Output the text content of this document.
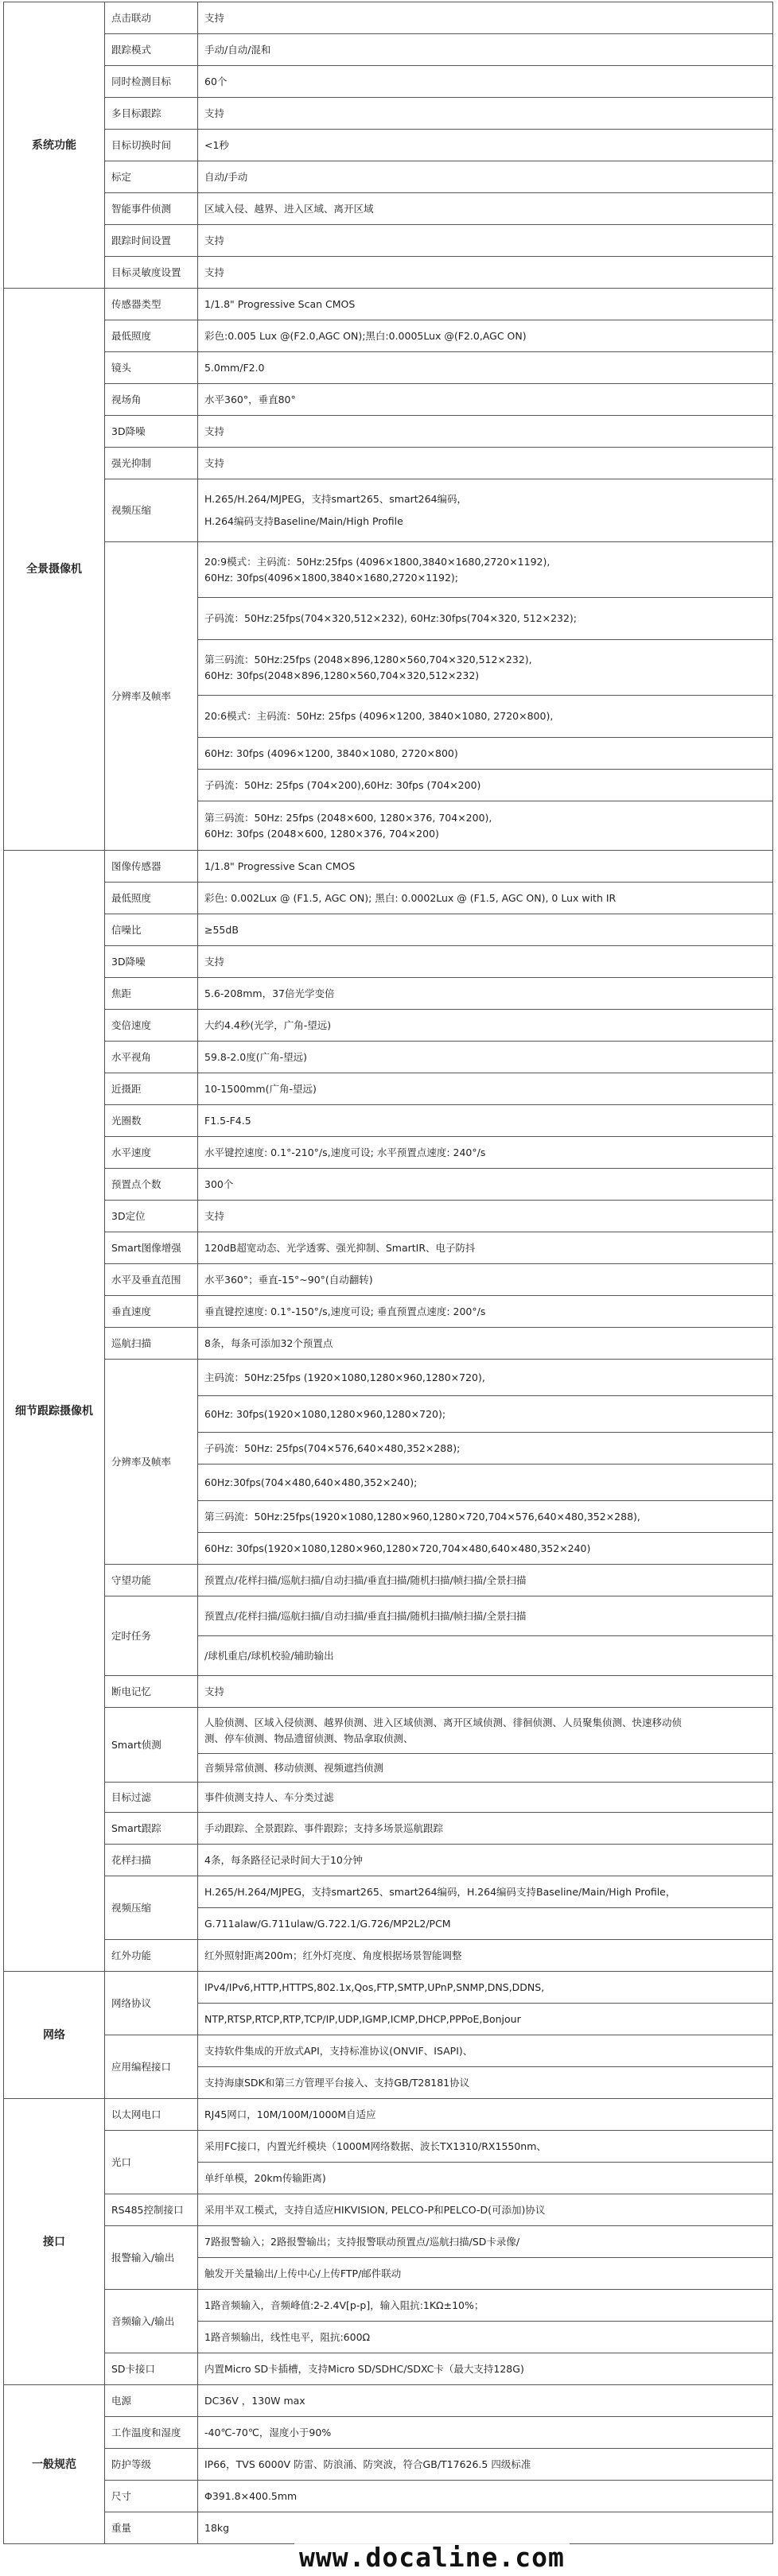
系统功能	点击联动	支持

	跟踪模式	手动/自动/混和

	同时检测目标	60个

	多目标跟踪	支持

	目标切换时间	<1秒

	标定	自动/手动

	智能事件侦测	区域入侵、越界、进入区域、离开区域

	跟踪时间设置	支持

	目标灵敏度设置	支持

全景摄像机	传感器类型	1/1.8" Progressive Scan CMOS

	最低照度	彩色:0.005 Lux @(F2.0,AGC ON);黑白:0.0005Lux @(F2.0,AGC ON)

	镜头	5.0mm/F2.0

	视场角	水平360°，垂直80°

	3D降噪	支持

	强光抑制	支持

	视频压缩	H.265/H.264/MJPEG，支持smart265、smart264编码，
H.264编码支持Baseline/Main/High Profile

	分辨率及帧率	20:9模式：主码流：50Hz:25fps (4096×1800,3840×1680,2720×1192),
60Hz: 30fps(4096×1800,3840×1680,2720×1192);

		子码流：50Hz:25fps(704×320,512×232), 60Hz:30fps(704×320, 512×232);

		第三码流：50Hz:25fps (2048×896,1280×560,704×320,512×232),
60Hz: 30fps(2048×896,1280×560,704×320,512×232)

		20:6模式：主码流：50Hz: 25fps (4096×1200, 3840×1080, 2720×800),

		60Hz: 30fps (4096×1200, 3840×1080, 2720×800)

		子码流：50Hz: 25fps (704×200),60Hz: 30fps (704×200)

		第三码流：50Hz: 25fps (2048×600, 1280×376, 704×200),
60Hz: 30fps (2048×600, 1280×376, 704×200)

细节跟踪摄像机	图像传感器	1/1.8" Progressive Scan CMOS

	最低照度	彩色: 0.002Lux @ (F1.5, AGC ON); 黑白: 0.0002Lux @ (F1.5, AGC ON), 0 Lux with IR

	信噪比	≥55dB

	3D降噪	支持

	焦距	5.6-208mm，37倍光学变倍

	变倍速度	大约4.4秒(光学，广角-望远)

	水平视角	59.8-2.0度(广角-望远)

	近摄距	10-1500mm(广角-望远)

	光圈数	F1.5-F4.5

	水平速度	水平键控速度: 0.1°-210°/s,速度可设; 水平预置点速度: 240°/s

	预置点个数	300个

	3D定位	支持

	Smart图像增强	120dB超宽动态、光学透雾、强光抑制、SmartIR、电子防抖

	水平及垂直范围	水平360°；垂直-15°~90°(自动翻转)

	垂直速度	垂直键控速度: 0.1°-150°/s,速度可设; 垂直预置点速度: 200°/s

	巡航扫描	8条，每条可添加32个预置点

	分辨率及帧率	主码流：50Hz:25fps (1920×1080,1280×960,1280×720),

		60Hz: 30fps(1920×1080,1280×960,1280×720);

		子码流：50Hz: 25fps(704×576,640×480,352×288);

		60Hz:30fps(704×480,640×480,352×240);

		第三码流：50Hz:25fps(1920×1080,1280×960,1280×720,704×576,640×480,352×288),

		60Hz: 30fps(1920×1080,1280×960,1280×720,704×480,640×480,352×240)

	守望功能	预置点/花样扫描/巡航扫描/自动扫描/垂直扫描/随机扫描/帧扫描/全景扫描

	定时任务	预置点/花样扫描/巡航扫描/自动扫描/垂直扫描/随机扫描/帧扫描/全景扫描

		/球机重启/球机校验/辅助输出

	断电记忆	支持

	Smart侦测	人脸侦测、区域入侵侦测、越界侦测、进入区域侦测、离开区域侦测、徘徊侦测、人员聚集侦测、快速移动侦
测、停车侦测、物品遗留侦测、物品拿取侦测、

		音频异常侦测、移动侦测、视频遮挡侦测

	目标过滤	事件侦测支持人、车分类过滤

	Smart跟踪	手动跟踪、全景跟踪、事件跟踪；支持多场景巡航跟踪

	花样扫描	4条，每条路径记录时间大于10分钟

	视频压缩	H.265/H.264/MJPEG，支持smart265、smart264编码，H.264编码支持Baseline/Main/High Profile，

		G.711alaw/G.711ulaw/G.722.1/G.726/MP2L2/PCM

	红外功能	红外照射距离200m；红外灯亮度、角度根据场景智能调整

网络	网络协议	IPv4/IPv6,HTTP,HTTPS,802.1x,Qos,FTP,SMTP,UPnP,SNMP,DNS,DDNS,

		NTP,RTSP,RTCP,RTP,TCP/IP,UDP,IGMP,ICMP,DHCP,PPPoE,Bonjour

	应用编程接口	支持软件集成的开放式API，支持标准协议(ONVIF、ISAPI)、

		支持海康SDK和第三方管理平台接入、支持GB/T28181协议

接口	以太网电口	RJ45网口，10M/100M/1000M自适应

	光口	采用FC接口，内置光纤模块（1000M网络数据、波长TX1310/RX1550nm、

		单纤单模，20km传输距离)

	RS485控制接口	采用半双工模式，支持自适应HIKVISION, PELCO-P和PELCO-D(可添加)协议

	报警输入/输出	7路报警输入；2路报警输出；支持报警联动预置点/巡航扫描/SD卡录像/

		触发开关量输出/上传中心/上传FTP/邮件联动

	音频输入/输出	1路音频输入，音频峰值:2-2.4V[p-p]，输入阻抗:1KΩ±10%；

		1路音频输出，线性电平，阻抗:600Ω

	SD卡接口	内置Micro SD卡插槽，支持Micro SD/SDHC/SDXC卡（最大支持128G)

一般规范	电源	DC36V ，130W max

	工作温度和湿度	-40℃-70℃，湿度小于90%

	防护等级	IP66，TVS 6000V 防雷、防浪涌、防突波，符合GB/T17626.5 四级标准

	尺寸	Φ391.8×400.5mm

	重量	18kg
www.docaline.com
